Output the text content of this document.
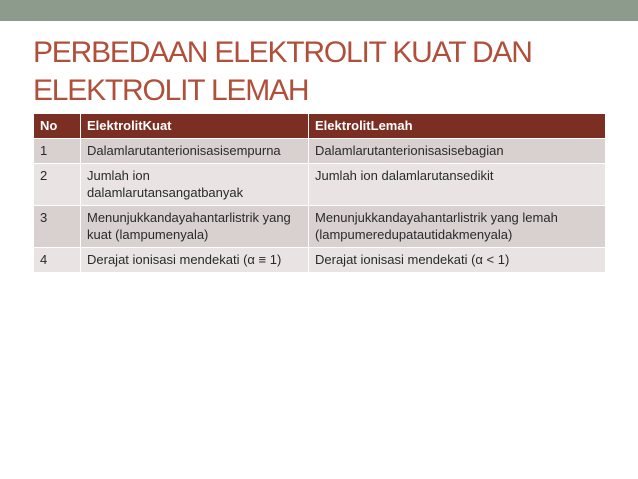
PERBEDAAN ELEKTROLIT KUAT DAN ELEKTROLIT LEMAH
No	ElektrolitKuat	ElektrolitLemah
1	Dalamlarutanterionisasisempurna	Dalamlarutanterionisasisebagian
2	Jumlah ion dalamlarutansangatbanyak	Jumlah ion dalamlarutansedikit
3	Menunjukkandayahantarlistrik yang kuat (lampumenyala)	Menunjukkandayahantarlistrik yang lemah (lampumeredupatautidakmenyala)
4	Derajat ionisasi mendekati (α ≡ 1)	Derajat ionisasi mendekati (α < 1)
